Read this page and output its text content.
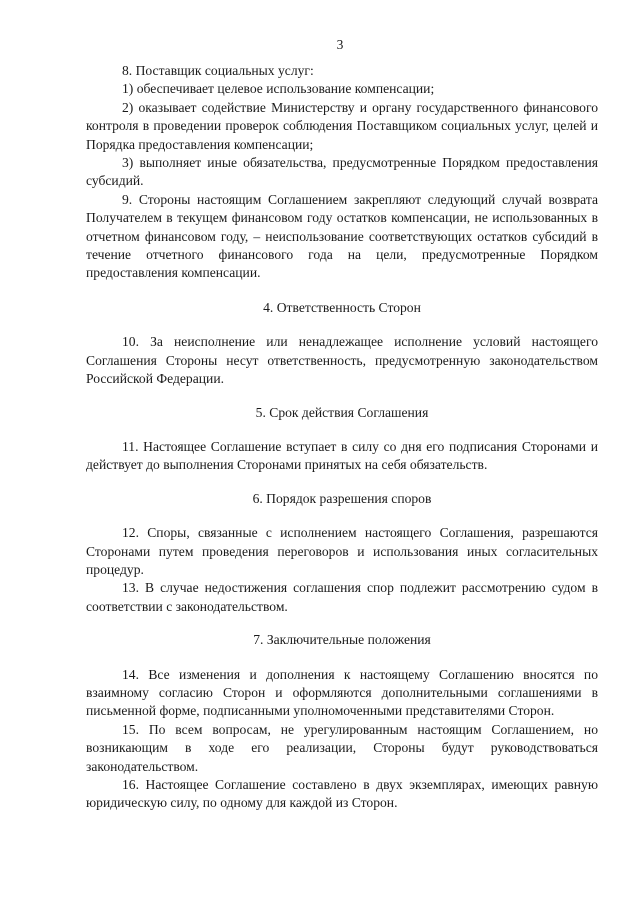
3

8. Поставщик социальных услуг:

1) обеспечивает целевое использование компенсации;

2) оказывает содействие Министерству и органу государственного финансового контроля в проведении проверок соблюдения Поставщиком социальных услуг, целей и Порядка предоставления компенсации;

3) выполняет иные обязательства, предусмотренные Порядком предоставления субсидий.

9. Стороны настоящим Соглашением закрепляют следующий случай возврата Получателем в текущем финансовом году остатков компенсации, не использованных в отчетном финансовом году, – неиспользование соответствующих остатков субсидий в течение отчетного финансового года на цели, предусмотренные Порядком предоставления компенсации.

4. Ответственность Сторон

10. За неисполнение или ненадлежащее исполнение условий настоящего Соглашения Стороны несут ответственность, предусмотренную законодательством Российской Федерации.

5. Срок действия Соглашения

11. Настоящее Соглашение вступает в силу со дня его подписания Сторонами и действует до выполнения Сторонами принятых на себя обязательств.

6. Порядок разрешения споров

12. Споры, связанные с исполнением настоящего Соглашения, разрешаются Сторонами путем проведения переговоров и использования иных согласительных процедур.

13. В случае недостижения соглашения спор подлежит рассмотрению судом в соответствии с законодательством.

7. Заключительные положения

14. Все изменения и дополнения к настоящему Соглашению вносятся по взаимному согласию Сторон и оформляются дополнительными соглашениями в письменной форме, подписанными уполномоченными представителями Сторон.

15. По всем вопросам, не урегулированным настоящим Соглашением, но возникающим в ходе его реализации, Стороны будут руководствоваться законодательством.

16. Настоящее Соглашение составлено в двух экземплярах, имеющих равную юридическую силу, по одному для каждой из Сторон.
